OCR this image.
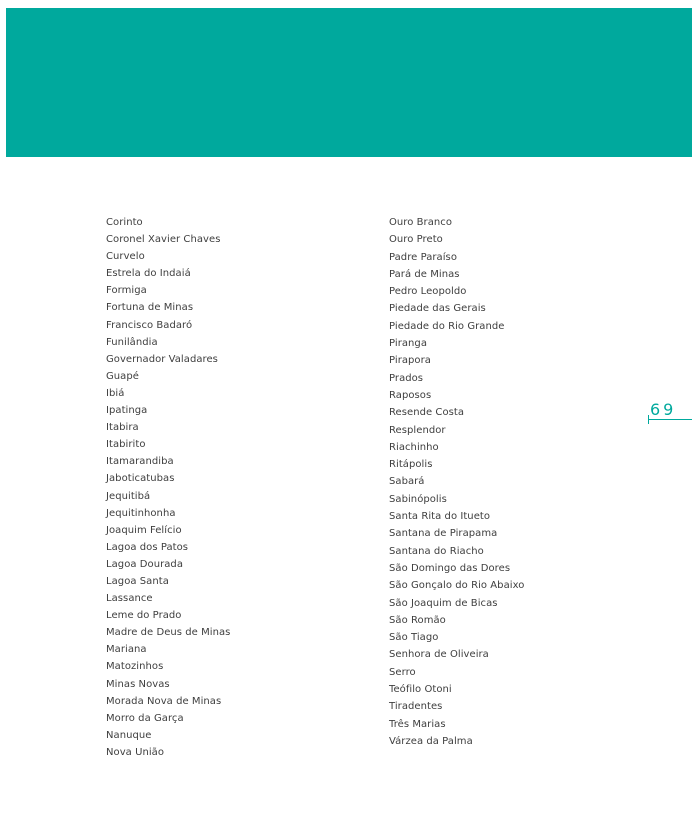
Corinto
Coronel Xavier Chaves
Curvelo
Estrela do Indaiá
Formiga
Fortuna de Minas
Francisco Badaró
Funilândia
Governador Valadares
Guapé
Ibiá
Ipatinga
Itabira
Itabirito
Itamarandiba
Jaboticatubas
Jequitibá
Jequitinhonha
Joaquim Felício
Lagoa dos Patos
Lagoa Dourada
Lagoa Santa
Lassance
Leme do Prado
Madre de Deus de Minas
Mariana
Matozinhos
Minas Novas
Morada Nova de Minas
Morro da Garça
Nanuque
Nova União
Ouro Branco
Ouro Preto
Padre Paraíso
Pará de Minas
Pedro Leopoldo
Piedade das Gerais
Piedade do Rio Grande
Piranga
Pirapora
Prados
Raposos
Resende Costa
Resplendor
Riachinho
Ritápolis
Sabará
Sabinópolis
Santa Rita do Itueto
Santana de Pirapama
Santana do Riacho
São Domingo das Dores
São Gonçalo do Rio Abaixo
São Joaquim de Bicas
São Romão
São Tiago
Senhora de Oliveira
Serro
Teófilo Otoni
Tiradentes
Três Marias
Várzea da Palma
69
